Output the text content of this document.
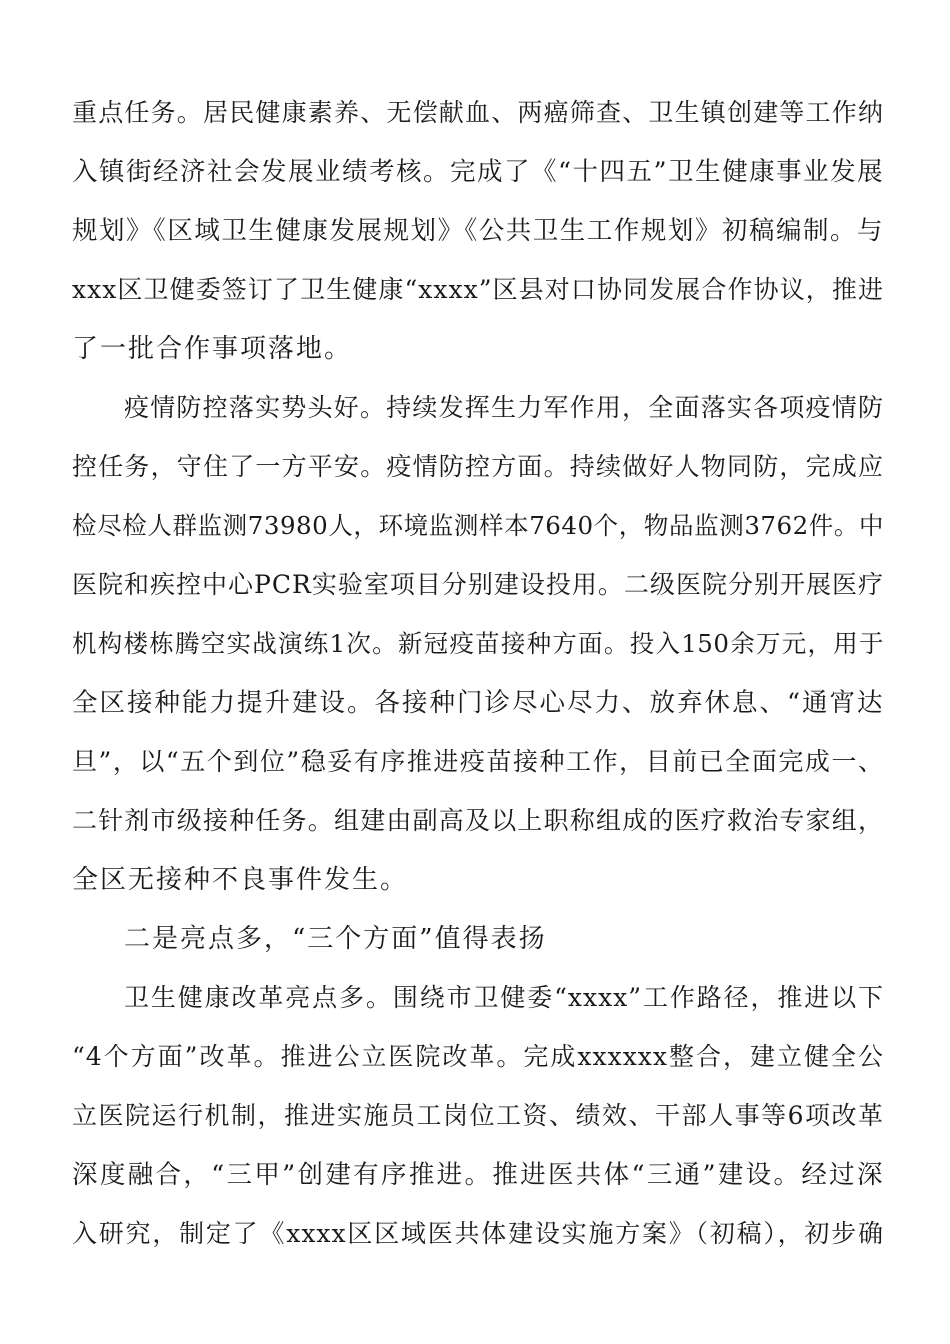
重点任务。居民健康素养、无偿献血、两癌筛查、卫生镇创建等工作纳
入镇街经济社会发展业绩考核。完成了《“十四五”卫生健康事业发展
规划》《区域卫生健康发展规划》《公共卫生工作规划》初稿编制。与
xxx区卫健委签订了卫生健康“xxxx”区县对口协同发展合作协议，推进
了一批合作事项落地。
疫情防控落实势头好。持续发挥生力军作用，全面落实各项疫情防
控任务，守住了一方平安。疫情防控方面。持续做好人物同防，完成应
检尽检人群监测73980人，环境监测样本7640个，物品监测3762件。中
医院和疾控中心PCR实验室项目分别建设投用。二级医院分别开展医疗
机构楼栋腾空实战演练1次。新冠疫苗接种方面。投入150余万元，用于
全区接种能力提升建设。各接种门诊尽心尽力、放弃休息、“通宵达
旦”，以“五个到位”稳妥有序推进疫苗接种工作，目前已全面完成一、
二针剂市级接种任务。组建由副高及以上职称组成的医疗救治专家组，
全区无接种不良事件发生。
二是亮点多，“三个方面”值得表扬
卫生健康改革亮点多。围绕市卫健委“xxxx”工作路径，推进以下
“4个方面”改革。推进公立医院改革。完成xxxxxx整合，建立健全公
立医院运行机制，推进实施员工岗位工资、绩效、干部人事等6项改革
深度融合，“三甲”创建有序推进。推进医共体“三通”建设。经过深
入研究，制定了《xxxx区区域医共体建设实施方案》（初稿），初步确
